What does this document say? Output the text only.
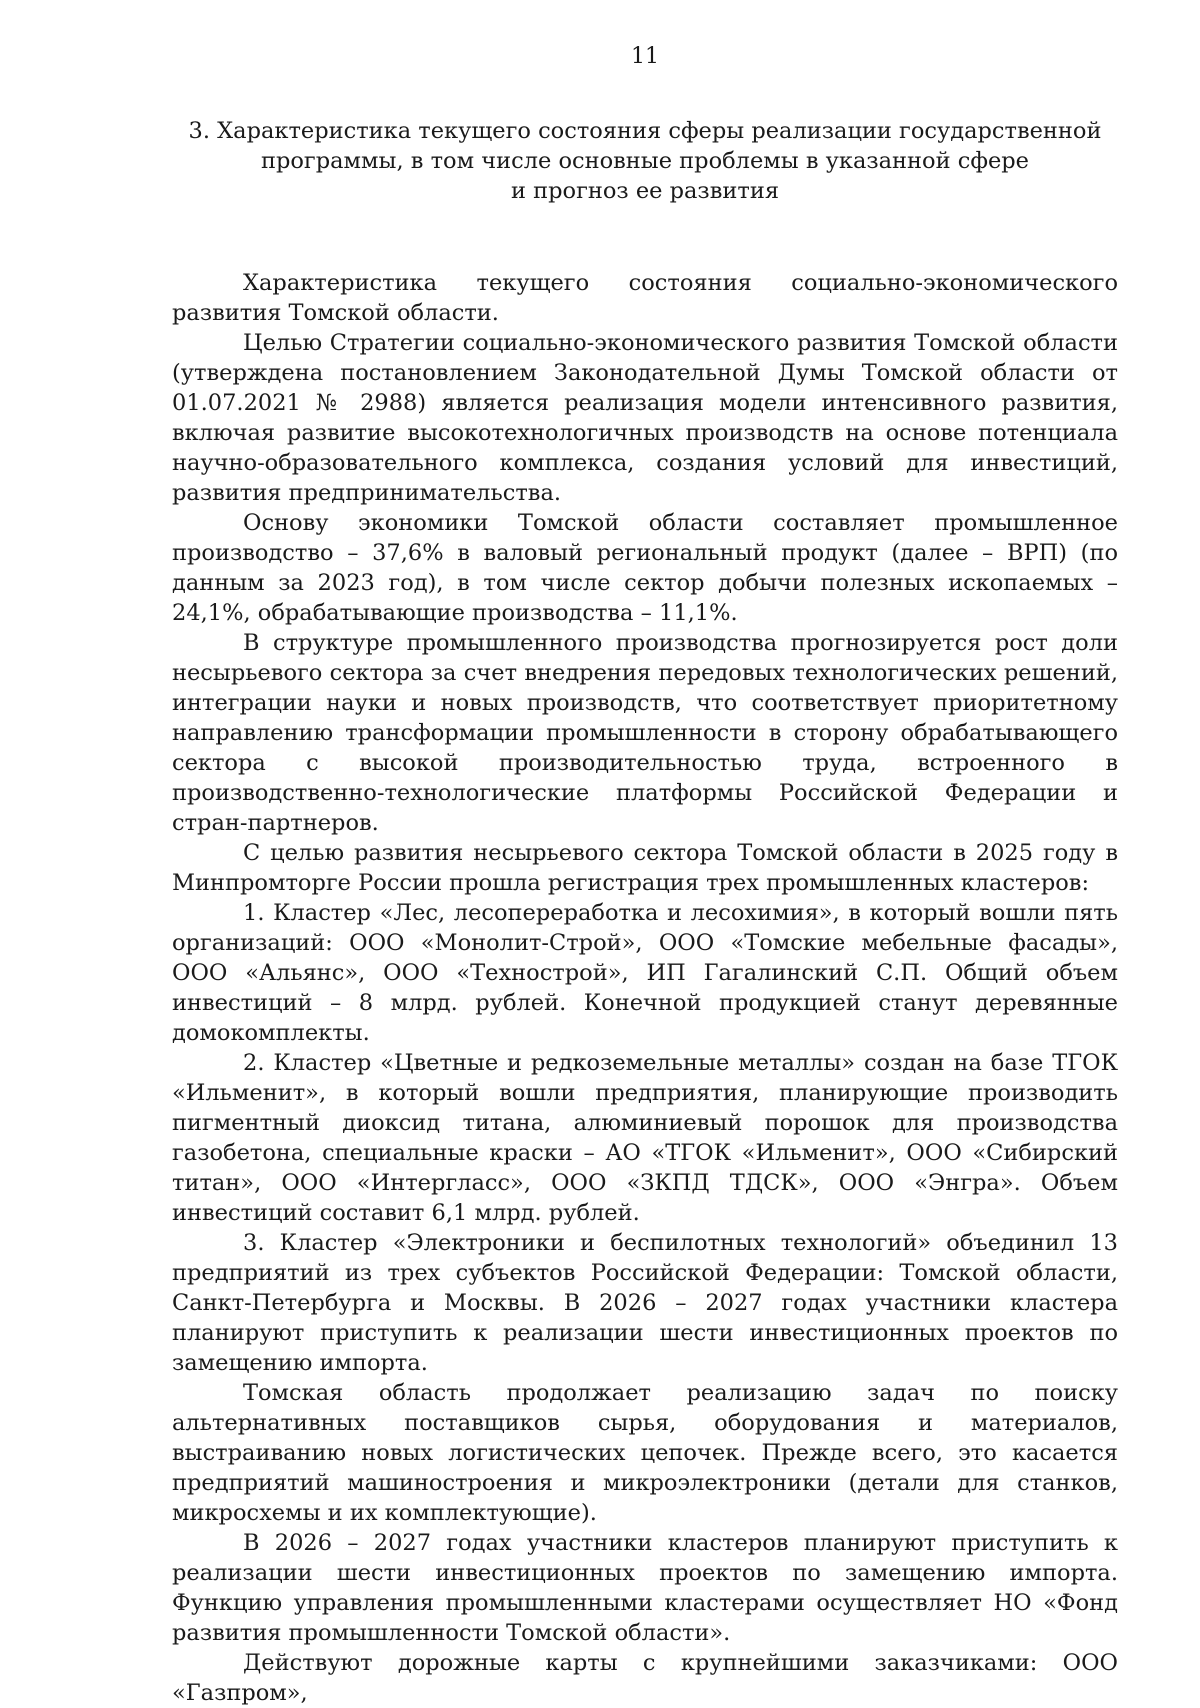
11
3. Характеристика текущего состояния сферы реализации государственной
программы, в том числе основные проблемы в указанной сфере
и прогноз ее развития

Характеристика текущего состояния социально-экономического развития Томской области.

Целью Стратегии социально-экономического развития Томской области (утверждена постановлением Законодательной Думы Томской области от 01.07.2021 № 2988) является реализация модели интенсивного развития, включая развитие высокотехнологичных производств на основе потенциала научно-образовательного комплекса, создания условий для инвестиций, развития предпринимательства.

Основу экономики Томской области составляет промышленное производство – 37,6% в валовый региональный продукт (далее – ВРП) (по данным за 2023 год), в том числе сектор добычи полезных ископаемых – 24,1%, обрабатывающие производства – 11,1%.

В структуре промышленного производства прогнозируется рост доли несырьевого сектора за счет внедрения передовых технологических решений, интеграции науки и новых производств, что соответствует приоритетному направлению трансформации промышленности в сторону обрабатывающего сектора с высокой производительностью труда, встроенного в производственно-технологические платформы Российской Федерации и стран-партнеров.

С целью развития несырьевого сектора Томской области в 2025 году в Минпромторге России прошла регистрация трех промышленных кластеров:

1. Кластер «Лес, лесопереработка и лесохимия», в который вошли пять организаций: ООО «Монолит-Строй», ООО «Томские мебельные фасады», ООО «Альянс», ООО «Технострой», ИП Гагалинский С.П. Общий объем инвестиций – 8 млрд. рублей. Конечной продукцией станут деревянные домокомплекты.

2. Кластер «Цветные и редкоземельные металлы» создан на базе ТГОК «Ильменит», в который вошли предприятия, планирующие производить пигментный диоксид титана, алюминиевый порошок для производства газобетона, специальные краски – АО «ТГОК «Ильменит», ООО «Сибирский титан», ООО «Интергласс», ООО «ЗКПД ТДСК», ООО «Энгра». Объем инвестиций составит 6,1 млрд. рублей.

3. Кластер «Электроники и беспилотных технологий» объединил 13 предприятий из трех субъектов Российской Федерации: Томской области, Санкт-Петербурга и Москвы. В 2026 – 2027 годах участники кластера планируют приступить к реализации шести инвестиционных проектов по замещению импорта.

Томская область продолжает реализацию задач по поиску альтернативных поставщиков сырья, оборудования и материалов, выстраиванию новых логистических цепочек. Прежде всего, это касается предприятий машиностроения и микроэлектроники (детали для станков, микросхемы и их комплектующие).

В 2026 – 2027 годах участники кластеров планируют приступить к реализации шести инвестиционных проектов по замещению импорта. Функцию управления промышленными кластерами осуществляет НО «Фонд развития промышленности Томской области».

Действуют дорожные карты с крупнейшими заказчиками: ООО «Газпром»,
